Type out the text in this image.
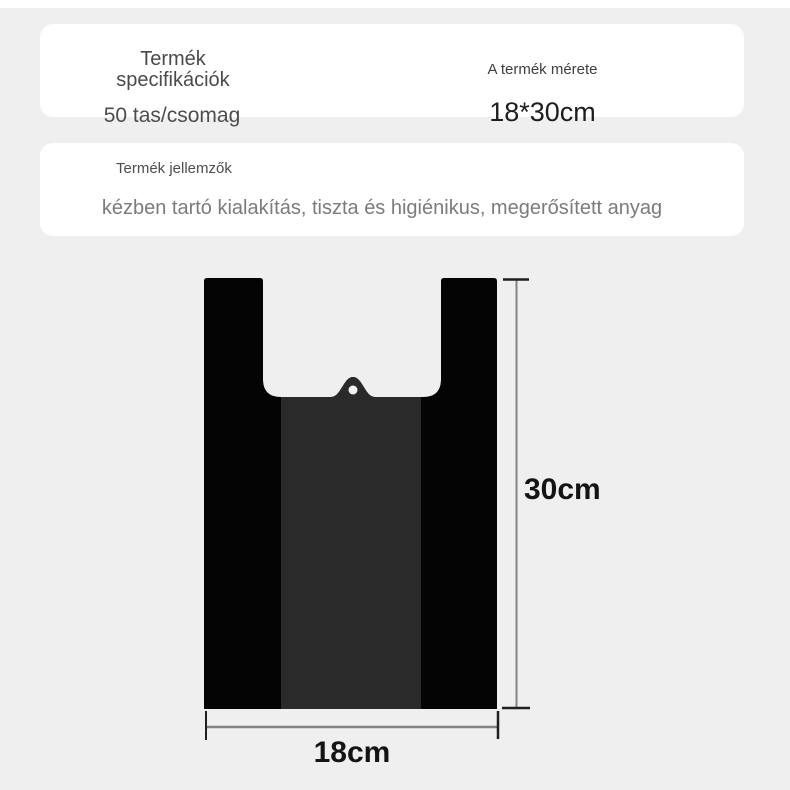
Termék
specifikációk
50 tas/csomag
A termék mérete
18*30cm
Termék jellemzők
kézben tartó kialakítás, tiszta és higiénikus, megerősített anyag
30cm
18cm
